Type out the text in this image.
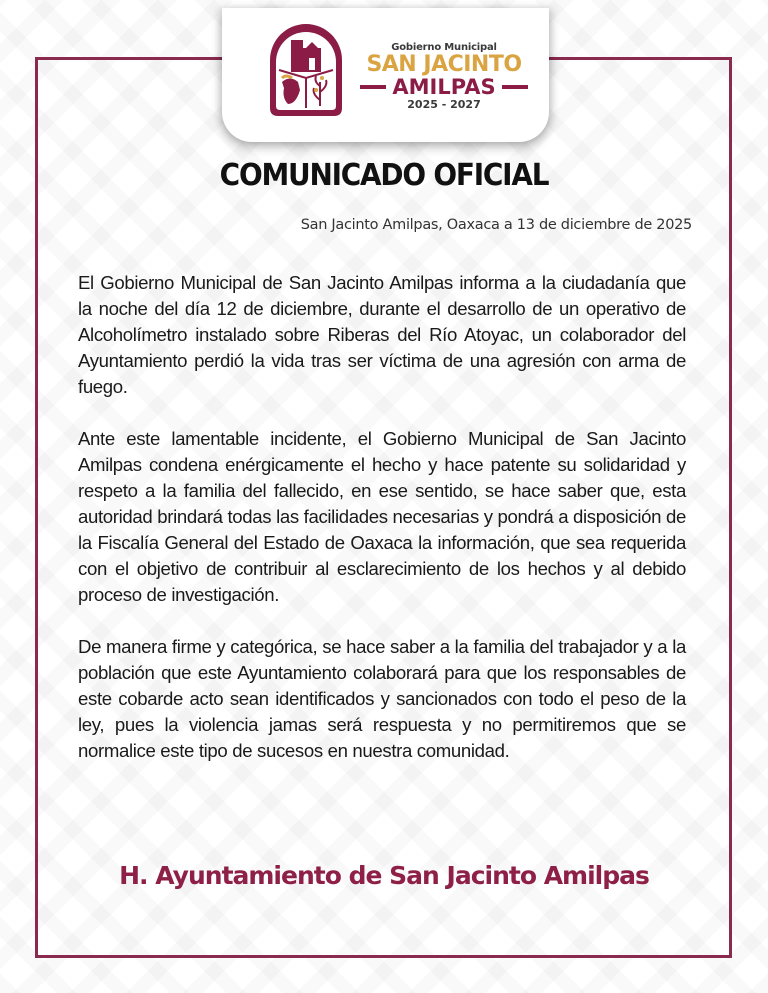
Gobierno Municipal
SAN JACINTO
AMILPAS
2025 - 2027
COMUNICADO OFICIAL
San Jacinto Amilpas, Oaxaca a 13 de diciembre de 2025

El Gobierno Municipal de San Jacinto Amilpas informa a la ciudadanía que la noche del día 12 de diciembre, durante el desarrollo de un operativo de Alcoholímetro instalado sobre Riberas del Río Atoyac, un colaborador del Ayuntamiento perdió la vida tras ser víctima de una agresión con arma de fuego.

Ante este lamentable incidente, el Gobierno Municipal de San Jacinto Amilpas condena enérgicamente el hecho y hace patente su solidaridad y respeto a la familia del fallecido, en ese sentido, se hace saber que, esta autoridad brindará todas las facilidades necesarias y pondrá a disposición de la Fiscalía General del Estado de Oaxaca la información, que sea requerida con el objetivo de contribuir al esclarecimiento de los hechos y al debido proceso de investigación.

De manera firme y categórica, se hace saber a la familia del trabajador y a la población que este Ayuntamiento colaborará para que los responsables de este cobarde acto sean identificados y sancionados con todo el peso de la ley, pues la violencia jamas será respuesta y no permitiremos que se normalice este tipo de sucesos en nuestra comunidad.

H. Ayuntamiento de San Jacinto Amilpas
